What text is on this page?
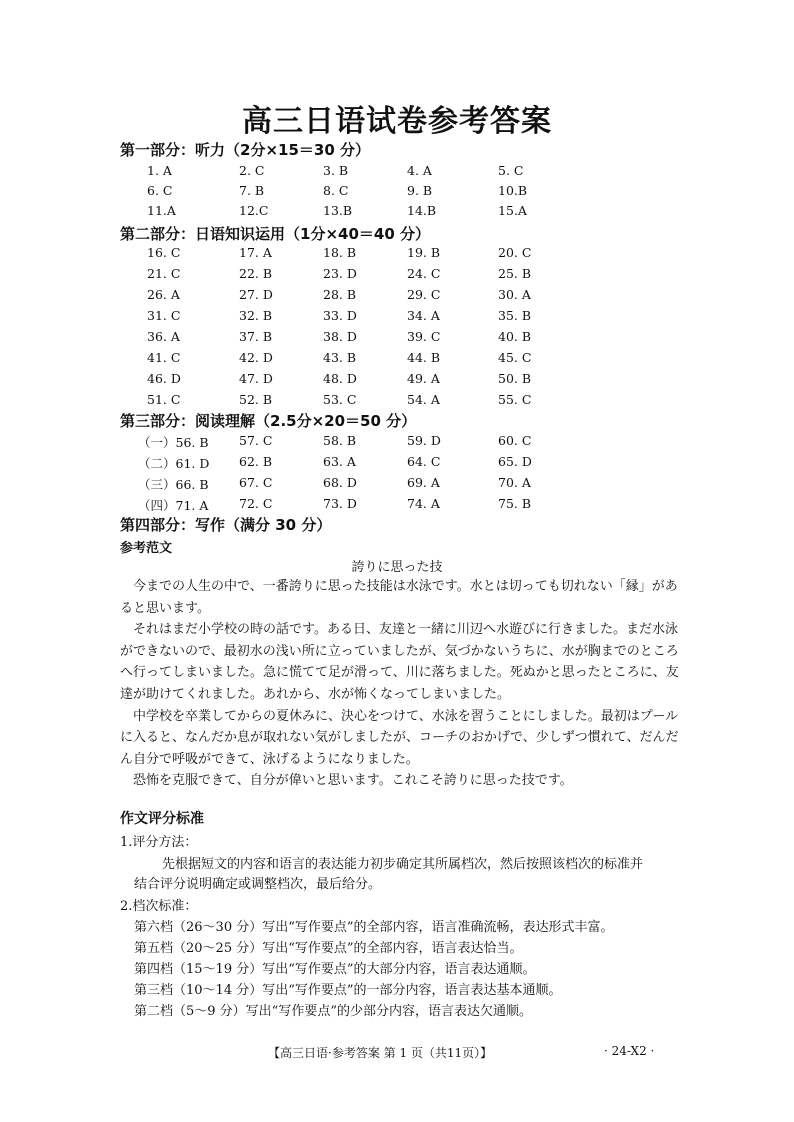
高三日语试卷参考答案
第一部分：听力（2分×15＝30 分）
1. A	2. C	3. B	4. A	5. C
6. C	7. B	8. C	9. B	10.B
11.A	12.C	13.B	14.B	15.A
第二部分：日语知识运用（1分×40＝40 分）
16. C	17. A	18. B	19. B	20. C
21. C	22. B	23. D	24. C	25. B
26. A	27. D	28. B	29. C	30. A
31. C	32. B	33. D	34. A	35. B
36. A	37. B	38. D	39. C	40. B
41. C	42. D	43. B	44. B	45. C
46. D	47. D	48. D	49. A	50. B
51. C	52. B	53. C	54. A	55. C
第三部分：阅读理解（2.5分×20＝50 分）
（一）56. B 57. C	58. B	59. D	60. C
（二）61. D 62. B	63. A	64. C	65. D
（三）66. B 67. C	68. D	69. A	70. A
（四）71. A 72. C	73. D	74. A	75. B
第四部分：写作（满分 30 分）
参考范文
誇りに思った技

今までの人生の中で、一番誇りに思った技能は水泳です。水とは切っても切れない「縁」があると思います。

それはまだ小学校の時の話です。ある日、友達と一緒に川辺へ水遊びに行きました。まだ水泳ができないので、最初水の浅い所に立っていましたが、気づかないうちに、水が胸までのところへ行ってしまいました。急に慌てて足が滑って、川に落ちました。死ぬかと思ったところに、友達が助けてくれました。あれから、水が怖くなってしまいました。

中学校を卒業してからの夏休みに、決心をつけて、水泳を習うことにしました。最初はプールに入ると、なんだか息が取れない気がしましたが、コーチのおかげで、少しずつ慣れて、だんだん自分で呼吸ができて、泳げるようになりました。

恐怖を克服できて、自分が偉いと思います。これこそ誇りに思った技です。

作文评分标准
1.评分方法：
先根据短文的内容和语言的表达能力初步确定其所属档次，然后按照该档次的标准并
结合评分说明确定或调整档次，最后给分。
2.档次标准：
第六档（26～30 分）写出“写作要点”的全部内容，语言准确流畅，表达形式丰富。
第五档（20～25 分）写出“写作要点”的全部内容，语言表达恰当。
第四档（15～19 分）写出“写作要点”的大部分内容，语言表达通顺。
第三档（10～14 分）写出“写作要点”的一部分内容，语言表达基本通顺。
第二档（5～9 分）写出“写作要点”的少部分内容，语言表达欠通顺。
【高三日语·参考答案 第 1 页（共11页）】	· 24-X2 ·
